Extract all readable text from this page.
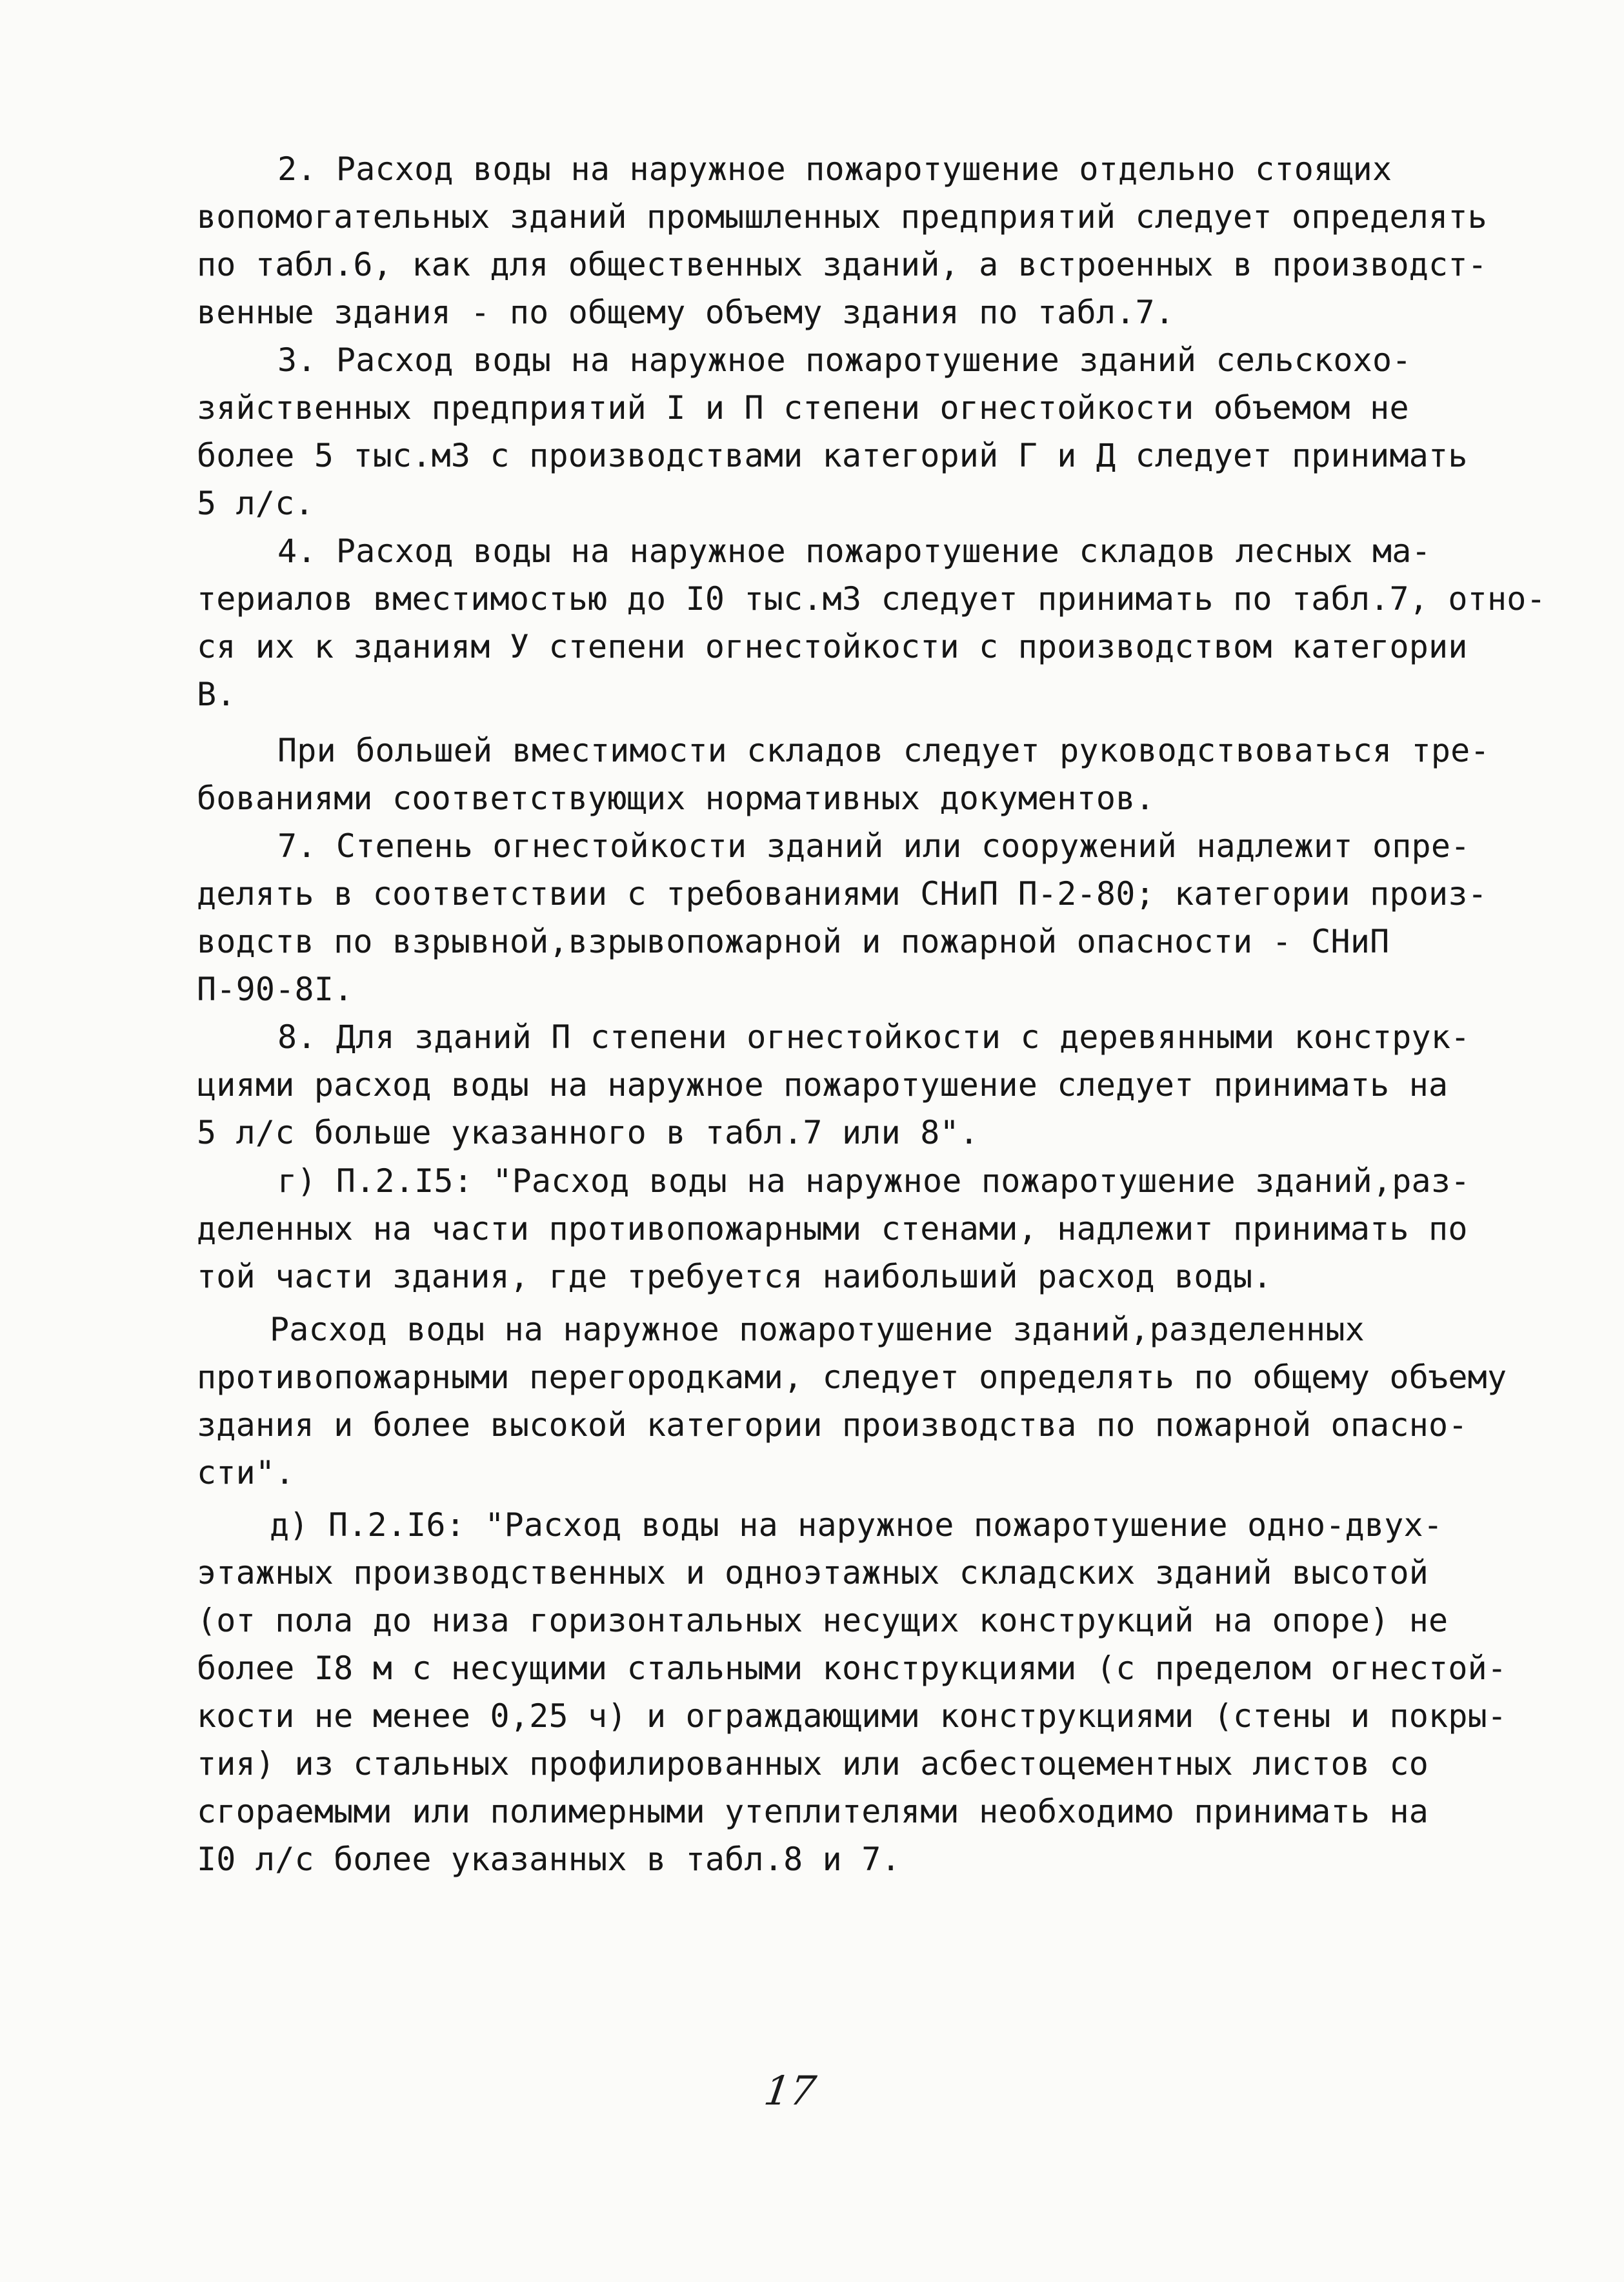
2. Расход воды на наружное пожаротушение отдельно стоящих
вопомогательных зданий промышленных предприятий следует определять
по табл.6, как для общественных зданий, а встроенных в производст-
венные здания - по общему объему здания по табл.7.
3. Расход воды на наружное пожаротушение зданий сельскохо-
зяйственных предприятий I и П степени огнестойкости объемом не
более 5 тыс.м3 с производствами категорий Г и Д следует принимать
5 л/с.
4. Расход воды на наружное пожаротушение складов лесных ма-
териалов вместимостью до I0 тыс.м3 следует принимать по табл.7, отно-
ся их к зданиям У степени огнестойкости с производством категории
В.
При большей вместимости складов следует руководствоваться тре-
бованиями соответствующих нормативных документов.
7. Степень огнестойкости зданий или сооружений надлежит опре-
делять в соответствии с требованиями СНиП П-2-80; категории произ-
водств по взрывной,взрывопожарной и пожарной опасности - СНиП
П-90-8I.
8. Для зданий П степени огнестойкости с деревянными конструк-
циями расход воды на наружное пожаротушение следует принимать на
5 л/с больше указанного в табл.7 или 8".
г) П.2.I5: "Расход воды на наружное пожаротушение зданий,раз-
деленных на части противопожарными стенами, надлежит принимать по
той части здания, где требуется наибольший расход воды.
Расход воды на наружное пожаротушение зданий,разделенных
противопожарными перегородками, следует определять по общему объему
здания и более высокой категории производства по пожарной опасно-
сти".
д) П.2.I6: "Расход воды на наружное пожаротушение одно-двух-
этажных производственных и одноэтажных складских зданий высотой
(от пола до низа горизонтальных несущих конструкций на опоре) не
более I8 м с несущими стальными конструкциями (с пределом огнестой-
кости не менее 0,25 ч) и ограждающими конструкциями (стены и покры-
тия) из стальных профилированных или асбестоцементных листов со
сгораемыми или полимерными утеплителями необходимо принимать на
I0 л/с более указанных в табл.8 и 7.
17
